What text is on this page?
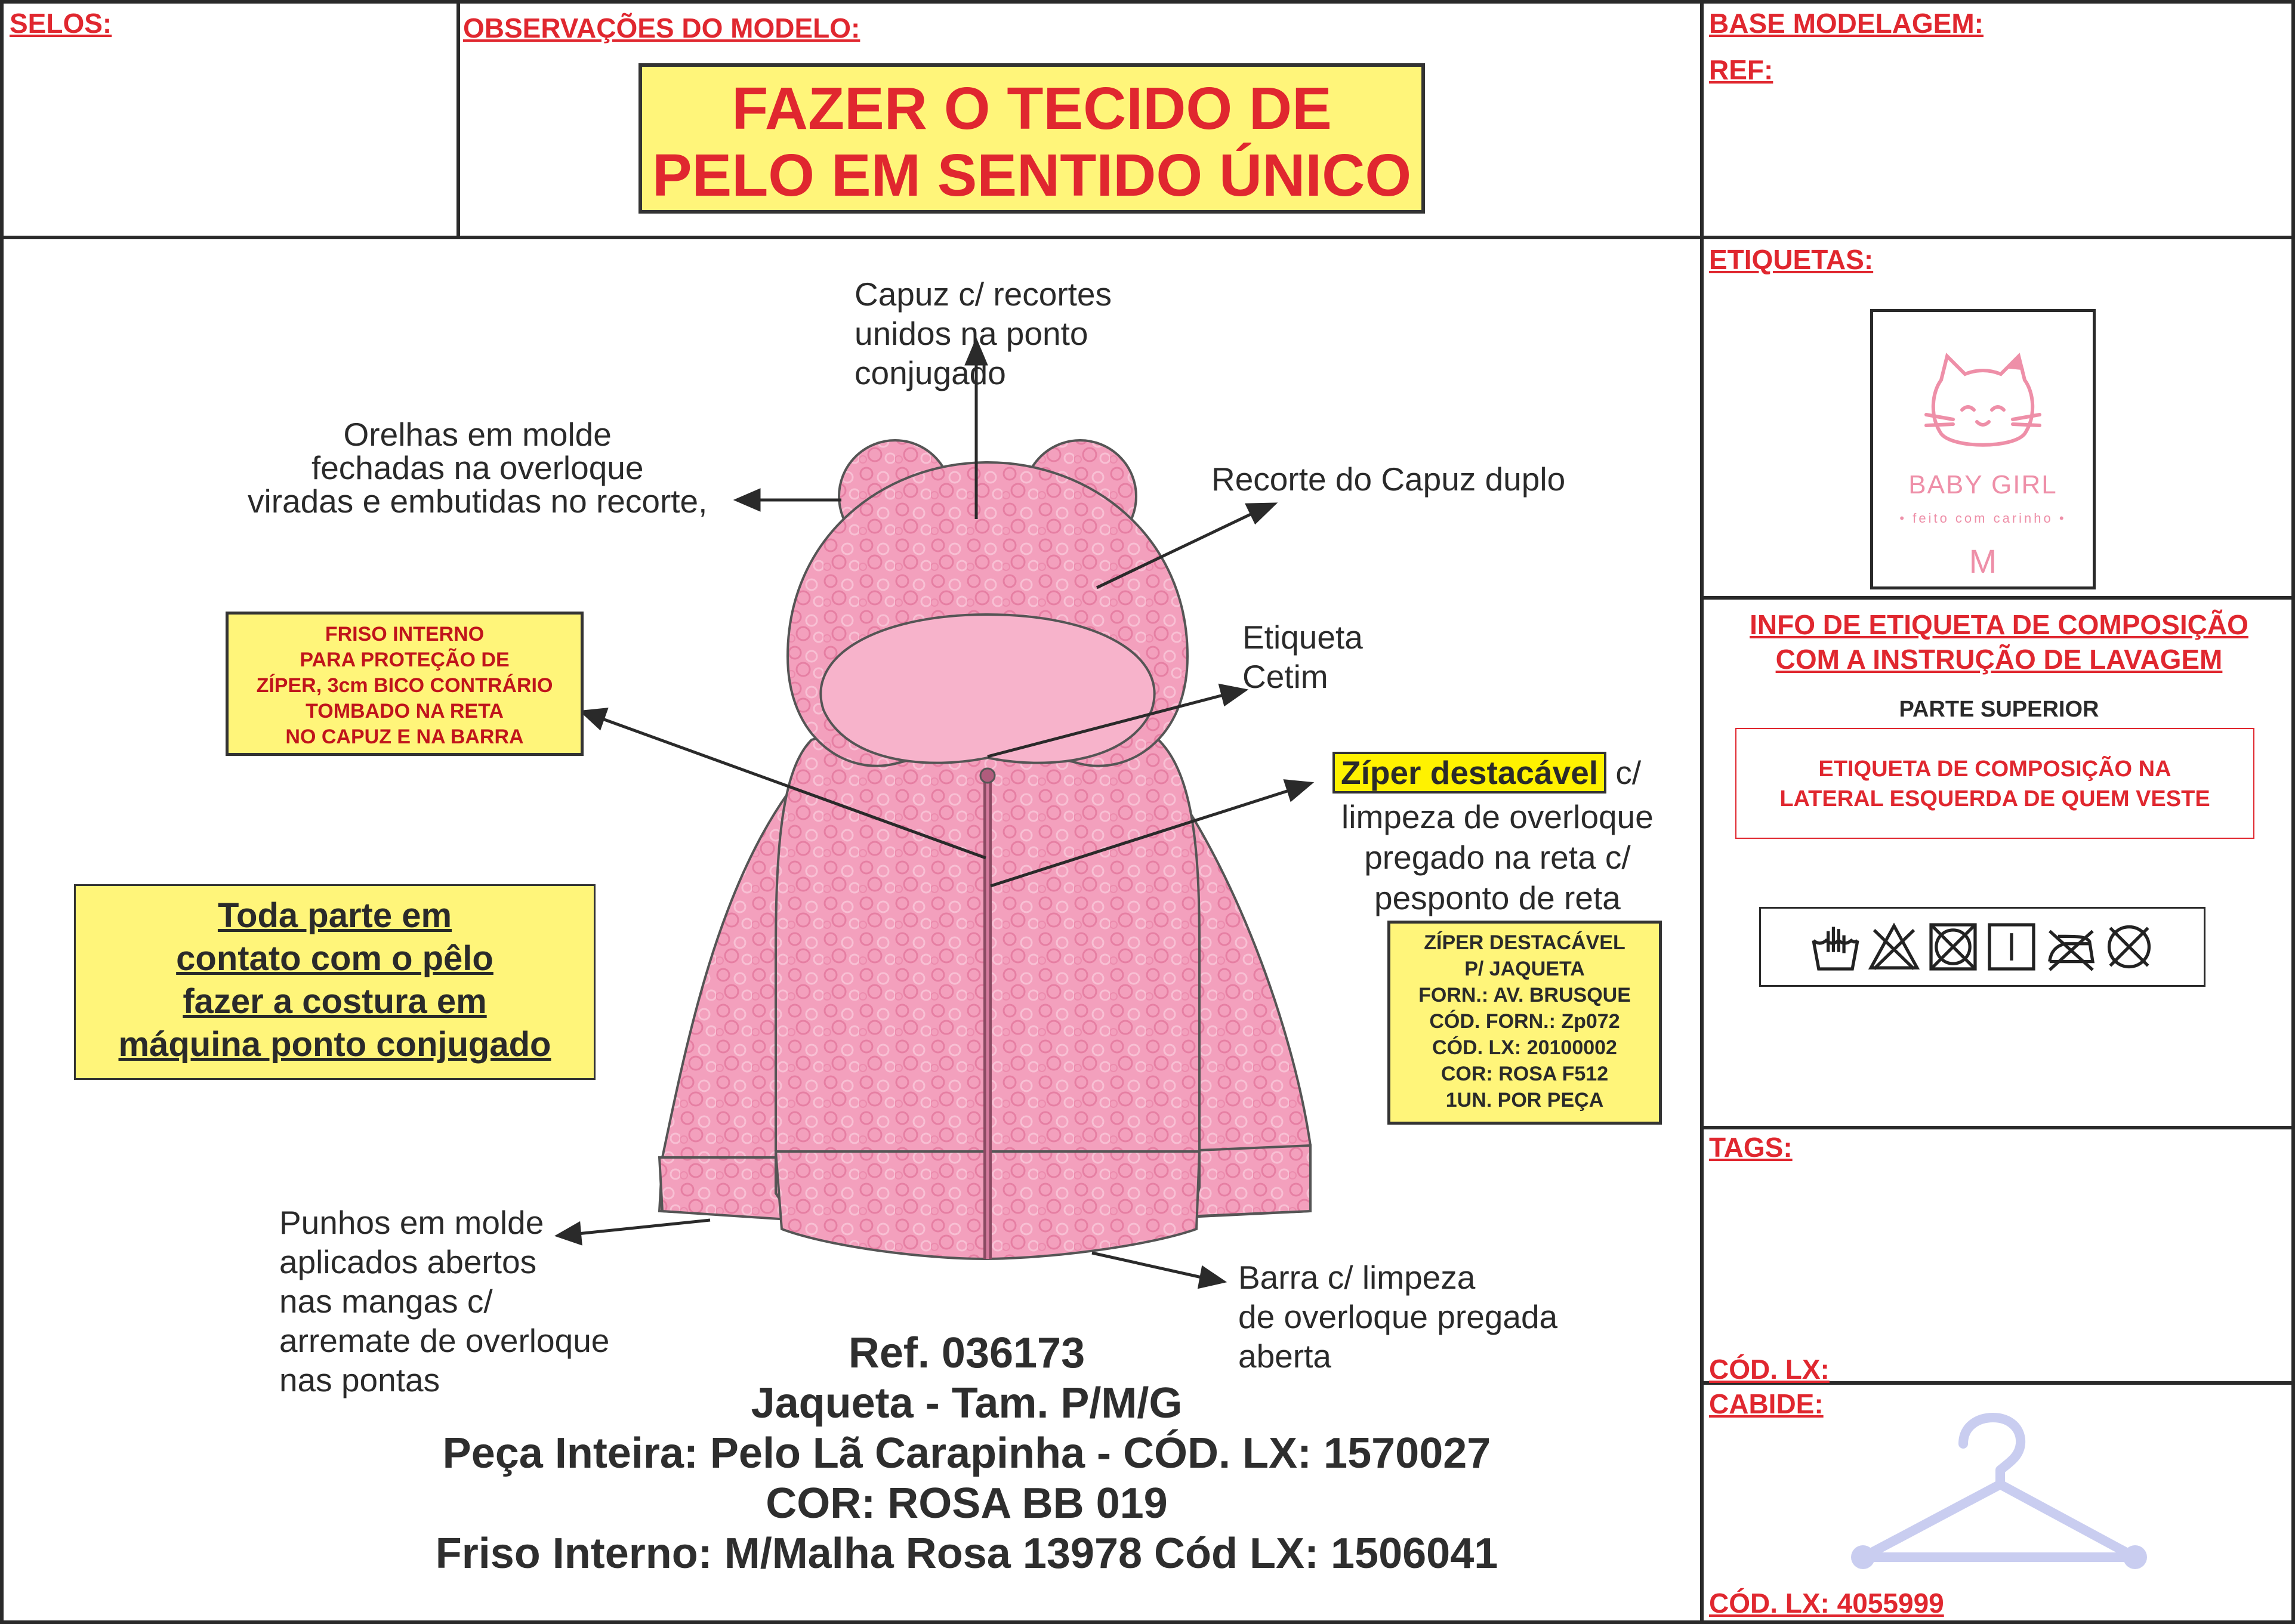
SELOS:	OBSERVAÇÕES DO MODELO:
FAZER O TECIDO DE
PELO EM SENTIDO ÚNICO
BASE MODELAGEM:
REF:
Capuz c/ recortes
unidos na ponto
conjugado
Orelhas em molde
fechadas na overloque
viradas e embutidas no recorte,
Recorte do Capuz duplo
Etiqueta
Cetim
Zíper destacável c/
limpeza de overloque
pregado na reta c/
pesponto de reta
Punhos em molde
aplicados abertos
nas mangas c/
arremate de overloque
nas pontas
Barra c/ limpeza
de overloque pregada
aberta
FRISO INTERNO
PARA PROTEÇÃO DE
ZÍPER, 3cm BICO CONTRÁRIO
TOMBADO NA RETA
NO CAPUZ E NA BARRA
Toda parte em
contato com o pêlo
fazer a costura em
máquina ponto conjugado
ZÍPER DESTACÁVEL
P/ JAQUETA
FORN.: AV. BRUSQUE
CÓD. FORN.: Zp072
CÓD. LX: 20100002
COR: ROSA F512
1UN. POR PEÇA
Ref. 036173
Jaqueta - Tam. P/M/G
Peça Inteira: Pelo Lã Carapinha - CÓD. LX: 1570027
COR: ROSA BB 019
Friso Interno: M/Malha Rosa 13978 Cód LX: 1506041
ETIQUETAS:
BABY GIRL
• feito com carinho •
M
INFO DE ETIQUETA DE COMPOSIÇÃO
COM A INSTRUÇÃO DE LAVAGEM
PARTE SUPERIOR
ETIQUETA DE COMPOSIÇÃO NA
LATERAL ESQUERDA DE QUEM VESTE

TAGS:
CÓD. LX:
CABIDE:
CÓD. LX: 4055999
